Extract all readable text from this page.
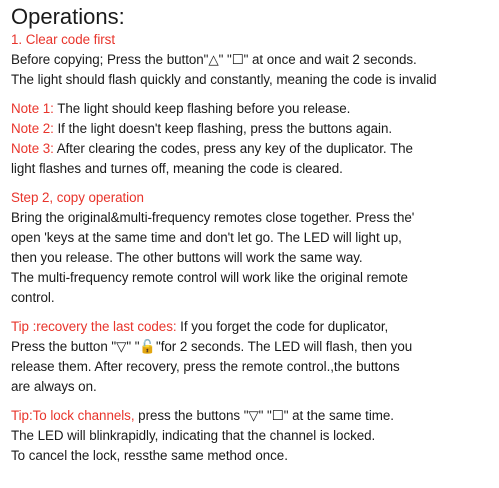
Operations:
1. Clear code first
Before copying; Press the button"△" "☐" at once and wait 2 seconds.
The light should flash quickly and constantly, meaning the code is invalid
Note 1: The light should keep flashing before you release.
Note 2: If the light doesn't keep flashing, press the buttons again.
Note 3: After clearing the codes, press any key of the duplicator. The
light flashes and turnes off, meaning the code is cleared.
Step 2, copy operation
Bring the original&multi-frequency remotes close together. Press the'
open 'keys at the same time and don't let go. The LED will light up,
then you release. The other buttons will work the same way.
The multi-frequency remote control will work like the original remote
control.
Tip :recovery the last codes: If you forget the code for duplicator,
Press the button "▽" "🔓"for 2 seconds. The LED will flash, then you
release them. After recovery, press the remote control.,the buttons
are always on.
Tip:To lock channels, press the buttons "▽" "☐" at the same time.
The LED will blinkrapidly, indicating that the channel is locked.
To cancel the lock, ressthe same method once.
